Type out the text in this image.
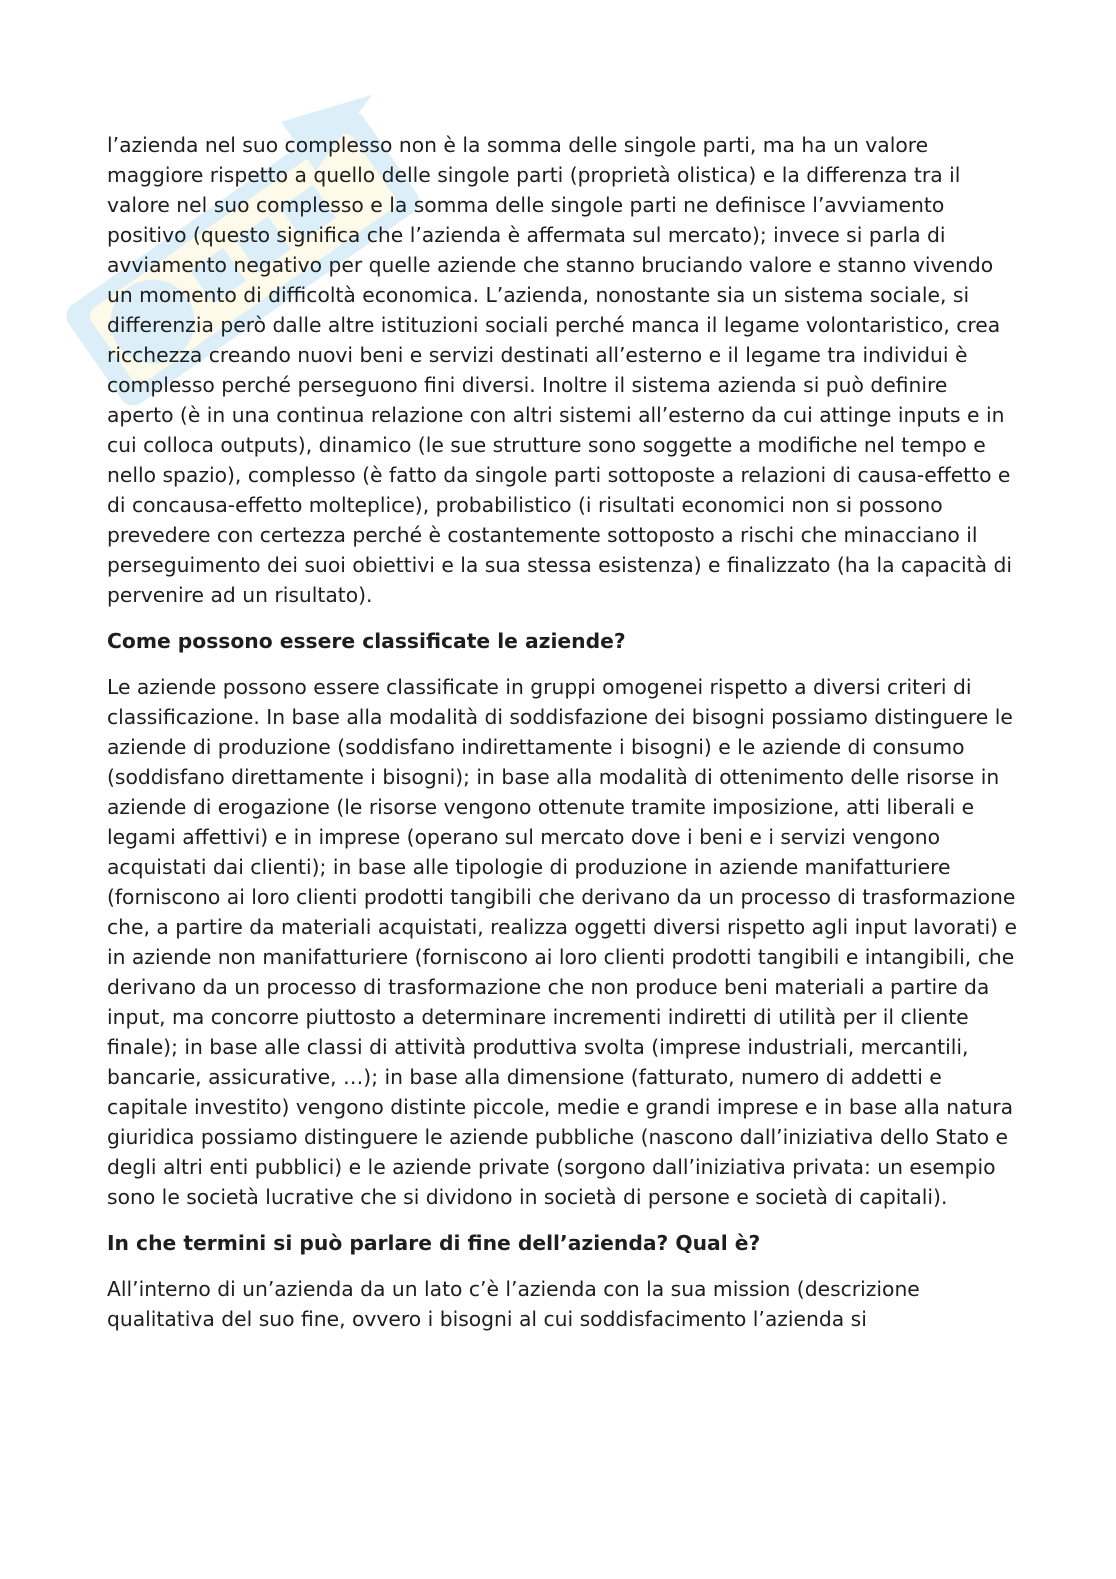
l’azienda nel suo complesso non è la somma delle singole parti, ma ha un valore maggiore rispetto a quello delle singole parti (proprietà olistica) e la differenza tra il valore nel suo complesso e la somma delle singole parti ne definisce l’avviamento positivo (questo significa che l’azienda è affermata sul mercato); invece si parla di avviamento negativo per quelle aziende che stanno bruciando valore e stanno vivendo un momento di difficoltà economica. L’azienda, nonostante sia un sistema sociale, si differenzia però dalle altre istituzioni sociali perché manca il legame volontaristico, crea ricchezza creando nuovi beni e servizi destinati all’esterno e il legame tra individui è complesso perché perseguono fini diversi. Inoltre il sistema azienda si può definire aperto (è in una continua relazione con altri sistemi all’esterno da cui attinge inputs e in cui colloca outputs), dinamico (le sue strutture sono soggette a modifiche nel tempo e nello spazio), complesso (è fatto da singole parti sottoposte a relazioni di causa-effetto e di concausa-effetto molteplice), probabilistico (i risultati economici non si possono prevedere con certezza perché è costantemente sottoposto a rischi che minacciano il perseguimento dei suoi obiettivi e la sua stessa esistenza) e finalizzato (ha la capacità di pervenire ad un risultato).

Come possono essere classificate le aziende?

Le aziende possono essere classificate in gruppi omogenei rispetto a diversi criteri di classificazione. In base alla modalità di soddisfazione dei bisogni possiamo distinguere le aziende di produzione (soddisfano indirettamente i bisogni) e le aziende di consumo (soddisfano direttamente i bisogni); in base alla modalità di ottenimento delle risorse in aziende di erogazione (le risorse vengono ottenute tramite imposizione, atti liberali e legami affettivi) e in imprese (operano sul mercato dove i beni e i servizi vengono acquistati dai clienti); in base alle tipologie di produzione in aziende manifatturiere (forniscono ai loro clienti prodotti tangibili che derivano da un processo di trasformazione che, a partire da materiali acquistati, realizza oggetti diversi rispetto agli input lavorati) e in aziende non manifatturiere (forniscono ai loro clienti prodotti tangibili e intangibili, che derivano da un processo di trasformazione che non produce beni materiali a partire da input, ma concorre piuttosto a determinare incrementi indiretti di utilità per il cliente finale); in base alle classi di attività produttiva svolta (imprese industriali, mercantili, bancarie, assicurative, …); in base alla dimensione (fatturato, numero di addetti e capitale investito) vengono distinte piccole, medie e grandi imprese e in base alla natura giuridica possiamo distinguere le aziende pubbliche (nascono dall’iniziativa dello Stato e degli altri enti pubblici) e le aziende private (sorgono dall’iniziativa privata: un esempio sono le società lucrative che si dividono in società di persone e società di capitali).

In che termini si può parlare di fine dell’azienda? Qual è?

All’interno di un’azienda da un lato c’è l’azienda con la sua mission (descrizione qualitativa del suo fine, ovvero i bisogni al cui soddisfacimento l’azienda si
